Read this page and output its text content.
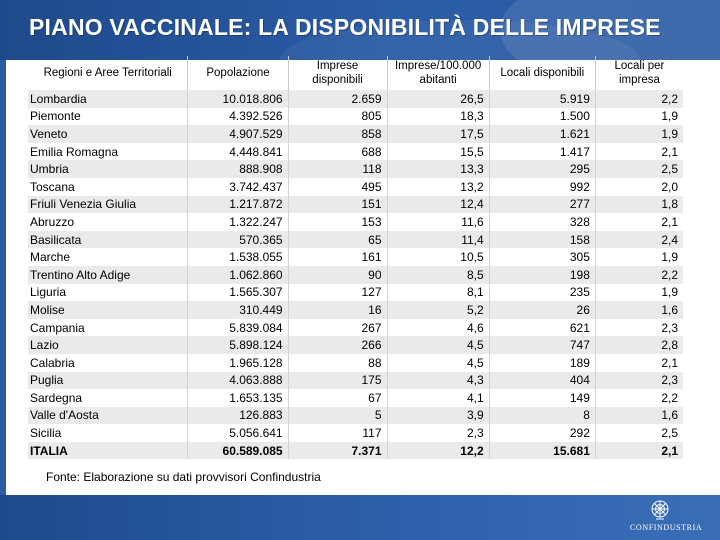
PIANO VACCINALE: LA DISPONIBILITÀ DELLE IMPRESE
Regioni e Aree Territoriali	Popolazione	Imprese disponibili	Imprese/100.000 abitanti	Locali disponibili	Locali per impresa
Lombardia	10.018.806	2.659	26,5	5.919	2,2
Piemonte	4.392.526	805	18,3	1.500	1,9
Veneto	4.907.529	858	17,5	1.621	1,9
Emilia Romagna	4.448.841	688	15,5	1.417	2,1
Umbria	888.908	118	13,3	295	2,5
Toscana	3.742.437	495	13,2	992	2,0
Friuli Venezia Giulia	1.217.872	151	12,4	277	1,8
Abruzzo	1.322.247	153	11,6	328	2,1
Basilicata	570.365	65	11,4	158	2,4
Marche	1.538.055	161	10,5	305	1,9
Trentino Alto Adige	1.062.860	90	8,5	198	2,2
Liguria	1.565.307	127	8,1	235	1,9
Molise	310.449	16	5,2	26	1,6
Campania	5.839.084	267	4,6	621	2,3
Lazio	5.898.124	266	4,5	747	2,8
Calabria	1.965.128	88	4,5	189	2,1
Puglia	4.063.888	175	4,3	404	2,3
Sardegna	1.653.135	67	4,1	149	2,2
Valle d'Aosta	126.883	5	3,9	8	1,6
Sicilia	5.056.641	117	2,3	292	2,5
ITALIA	60.589.085	7.371	12,2	15.681	2,1
Fonte: Elaborazione su dati provvisori Confindustria
CONFINDUSTRIA
